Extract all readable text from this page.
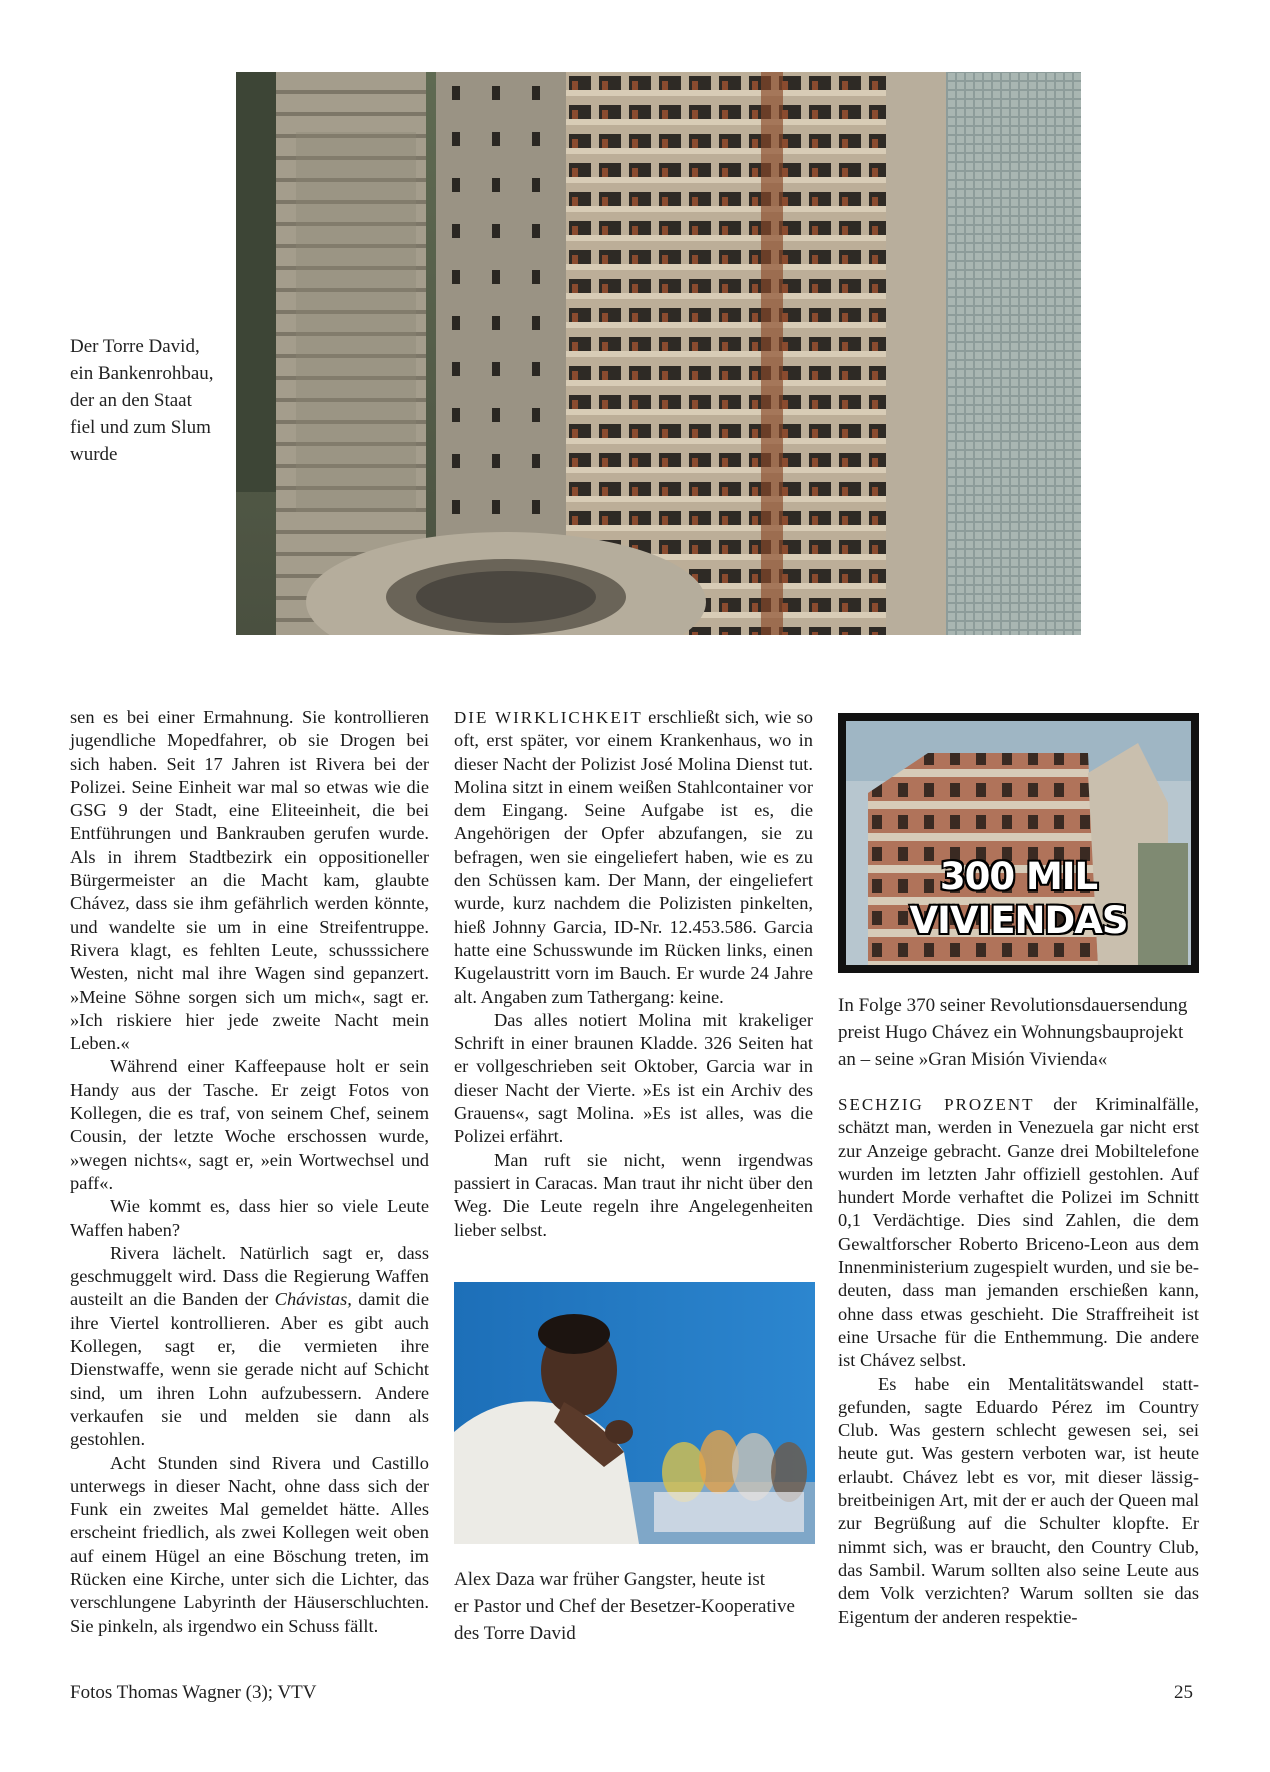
Der Torre David,
ein Bankenrohbau,
der an den Staat
fiel und zum Slum
wurde

sen es bei einer Ermahnung. Sie kontrollieren jugendliche Mopedfahrer, ob sie Drogen bei sich haben. Seit 17 Jahren ist Rivera bei der Polizei. Seine Einheit war mal so etwas wie die GSG 9 der Stadt, eine Eliteeinheit, die bei Entführungen und Bankrauben gerufen wurde. Als in ihrem Stadtbezirk ein oppositioneller Bürgermeister an die Macht kam, glaubte Chávez, dass sie ihm gefährlich werden könnte, und wandelte sie um in eine Streifentruppe. Rivera klagt, es fehlten Leute, schusssichere Westen, nicht mal ihre Wagen sind gepanzert. »Meine Söhne sorgen sich um mich«, sagt er. »Ich riskiere hier jede zweite Nacht mein Leben.«

Während einer Kaffeepause holt er sein Handy aus der Tasche. Er zeigt Fotos von Kollegen, die es traf, von seinem Chef, seinem Cousin, der letzte Woche erschossen wurde, »wegen nichts«, sagt er, »ein Wortwechsel und paff«.

Wie kommt es, dass hier so viele Leute Waffen haben?

Rivera lächelt. Natürlich sagt er, dass geschmuggelt wird. Dass die Regierung Waffen austeilt an die Banden der Chávistas, damit die ihre Viertel kontrollieren. Aber es gibt auch Kollegen, sagt er, die vermieten ihre Dienstwaffe, wenn sie gerade nicht auf Schicht sind, um ihren Lohn aufzubessern. Andere verkaufen sie und melden sie dann als gestohlen.

Acht Stunden sind Rivera und Castillo unterwegs in dieser Nacht, ohne dass sich der Funk ein zweites Mal gemeldet hätte. Alles erscheint friedlich, als zwei Kollegen weit oben auf einem Hügel an eine Böschung treten, im Rücken eine Kirche, unter sich die Lichter, das verschlungene Labyrinth der Häuserschluchten. Sie pinkeln, als irgendwo ein Schuss fällt.

DIE WIRKLICHKEIT erschließt sich, wie so oft, erst später, vor einem Krankenhaus, wo in dieser Nacht der Polizist José Molina Dienst tut. Molina sitzt in einem weißen Stahlcontainer vor dem Eingang. Seine Aufgabe ist es, die Angehörigen der Opfer abzufangen, sie zu befragen, wen sie eingeliefert haben, wie es zu den Schüssen kam. Der Mann, der eingeliefert wurde, kurz nachdem die Polizisten pinkelten, hieß Johnny Garcia, ID-Nr. 12.453.586. Garcia hatte eine Schusswunde im Rücken links, einen Kugelaustritt vorn im Bauch. Er wurde 24 Jahre alt. Angaben zum Tathergang: keine.

Das alles notiert Molina mit krakeliger Schrift in einer braunen Kladde. 326 Seiten hat er vollgeschrieben seit Oktober, Garcia war in dieser Nacht der Vierte. »Es ist ein Archiv des Grauens«, sagt Molina. »Es ist alles, was die Polizei erfährt.

Man ruft sie nicht, wenn irgendwas passiert in Caracas. Man traut ihr nicht über den Weg. Die Leute regeln ihre Angelegenheiten lieber selbst.

Alex Daza war früher Gangster, heute ist
er Pastor und Chef der Besetzer-Kooperative
des Torre David
300 MIL
VIVIENDAS
In Folge 370 seiner Revolutionsdauersendung
preist Hugo Chávez ein Wohnungsbauprojekt
an – seine »Gran Misión Vivienda«

SECHZIG PROZENT der Kriminalfälle, schätzt man, werden in Venezuela gar nicht erst zur Anzeige gebracht. Ganze drei Mobiltelefone wurden im letzten Jahr offiziell gestohlen. Auf hundert Morde verhaftet die Polizei im Schnitt 0,1 Verdächtige. Dies sind Zahlen, die dem Gewaltforscher Roberto Briceno-Leon aus dem Innenministerium zugespielt wurden, und sie bedeuten, dass man jemanden erschießen kann, ohne dass etwas geschieht. Die Straffreiheit ist eine Ursache für die Enthemmung. Die andere ist Chávez selbst.

Es habe ein Mentalitätswandel stattgefunden, sagte Eduardo Pérez im Country Club. Was gestern schlecht gewesen sei, sei heute gut. Was gestern verboten war, ist heute erlaubt. Chávez lebt es vor, mit dieser lässigbreitbeinigen Art, mit der er auch der Queen mal zur Begrüßung auf die Schulter klopfte. Er nimmt sich, was er braucht, den Country Club, das Sambil. Warum sollten also seine Leute aus dem Volk verzichten? Warum sollten sie das Eigentum der anderen respektie-

Fotos Thomas Wagner (3); VTV	25
